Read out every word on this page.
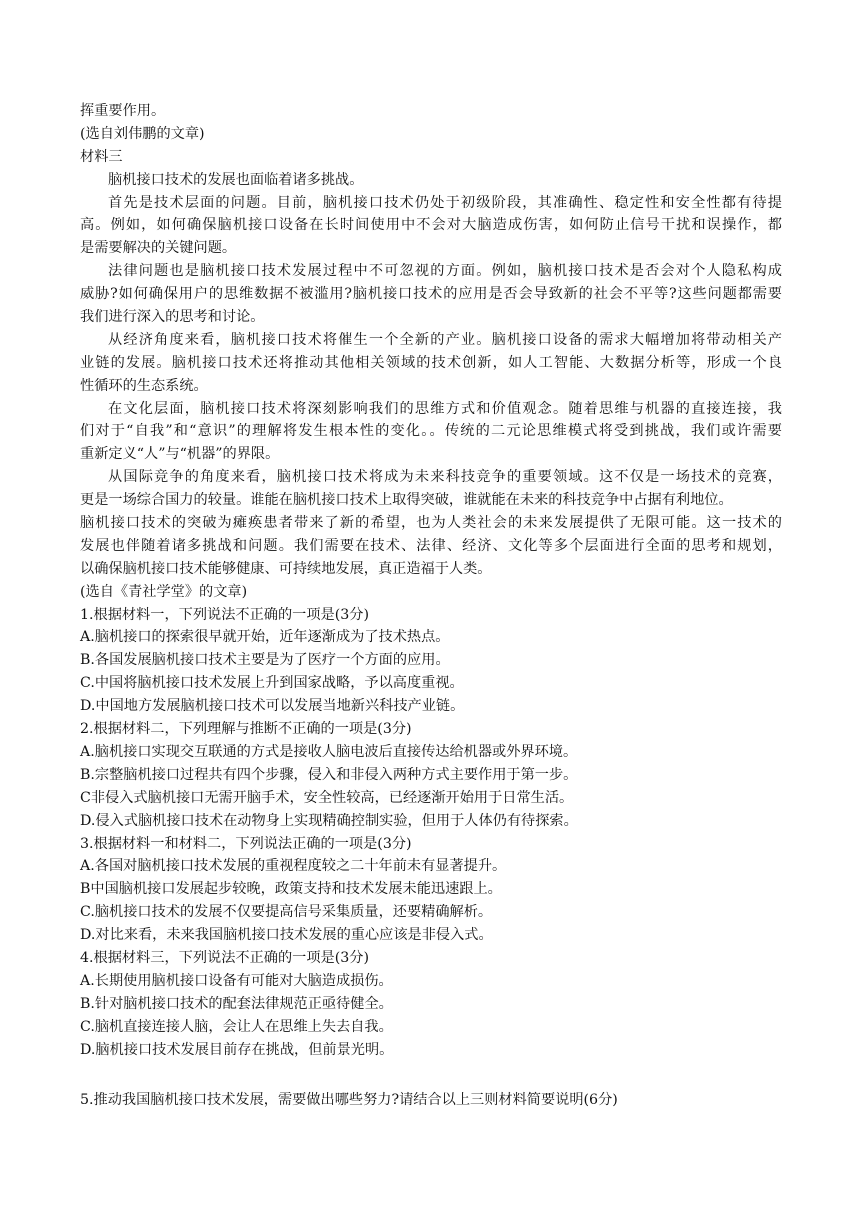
挥重要作用。
(选自刘伟鹏的文章)
材料三
脑机接口技术的发展也面临着诸多挑战。
首先是技术层面的问题。目前，脑机接口技术仍处于初级阶段，其准确性、稳定性和安全性都有待提
高。例如，如何确保脑机接口设备在长时间使用中不会对大脑造成伤害，如何防止信号干扰和误操作，都
是需要解决的关键问题。
法律问题也是脑机接口技术发展过程中不可忽视的方面。例如，脑机接口技术是否会对个人隐私构成
威胁?如何确保用户的思维数据不被滥用?脑机接口技术的应用是否会导致新的社会不平等?这些问题都需要
我们进行深入的思考和讨论。
从经济角度来看，脑机接口技术将催生一个全新的产业。脑机接口设备的需求大幅增加将带动相关产
业链的发展。脑机接口技术还将推动其他相关领域的技术创新，如人工智能、大数据分析等，形成一个良
性循环的生态系统。
在文化层面，脑机接口技术将深刻影响我们的思维方式和价值观念。随着思维与机器的直接连接，我
们对于“自我”和“意识”的理解将发生根本性的变化。。传统的二元论思维模式将受到挑战，我们或许需要
重新定义“人”与“机器”的界限。
从国际竞争的角度来看，脑机接口技术将成为未来科技竞争的重要领域。这不仅是一场技术的竞赛，
更是一场综合国力的较量。谁能在脑机接口技术上取得突破，谁就能在未来的科技竞争中占据有利地位。
脑机接口技术的突破为瘫痪患者带来了新的希望，也为人类社会的未来发展提供了无限可能。这一技术的
发展也伴随着诸多挑战和问题。我们需要在技术、法律、经济、文化等多个层面进行全面的思考和规划，
以确保脑机接口技术能够健康、可持续地发展，真正造福于人类。
(选自《青社学堂》的文章)
1.根据材料一，下列说法不正确的一项是(3分)
A.脑机接口的探索很早就开始，近年逐渐成为了技术热点。
B.各国发展脑机接口技术主要是为了医疗一个方面的应用。
C.中国将脑机接口技术发展上升到国家战略，予以高度重视。
D.中国地方发展脑机接口技术可以发展当地新兴科技产业链。
2.根据材料二，下列理解与推断不正确的一项是(3分)
A.脑机接口实现交互联通的方式是接收人脑电波后直接传达给机器或外界环境。
B.宗整脑机接口过程共有四个步骤，侵入和非侵入两种方式主要作用于第一步。
C非侵入式脑机接口无需开脑手术，安全性较高，已经逐渐开始用于日常生活。
D.侵入式脑机接口技术在动物身上实现精确控制实验，但用于人体仍有待探索。
3.根据材料一和材料二，下列说法正确的一项是(3分)
A.各国对脑机接口技术发展的重视程度较之二十年前未有显著提升。
B中国脑机接口发展起步较晚，政策支持和技术发展未能迅速跟上。
C.脑机接口技术的发展不仅要提高信号采集质量，还要精确解析。
D.对比来看，未来我国脑机接口技术发展的重心应该是非侵入式。
4.根据材料三，下列说法不正确的一项是(3分)
A.长期使用脑机接口设备有可能对大脑造成损伤。
B.针对脑机接口技术的配套法律规范正亟待健全。
C.脑机直接连接人脑，会让人在思维上失去自我。
D.脑机接口技术发展目前存在挑战，但前景光明。
5.推动我国脑机接口技术发展，需要做出哪些努力?请结合以上三则材料简要说明(6分)
